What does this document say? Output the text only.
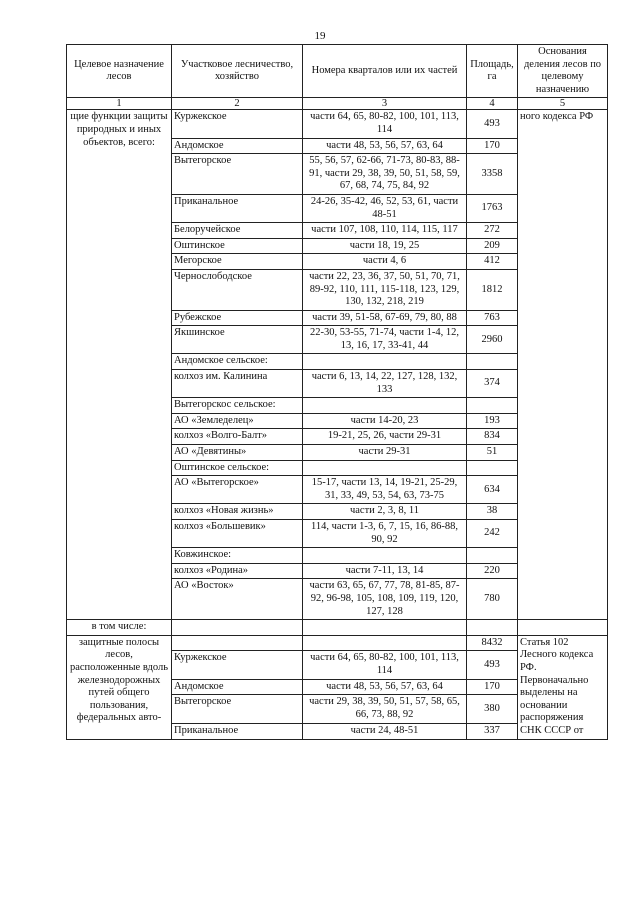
19
Целевое назначение лесов	Участковое лесничество, хозяйство	Номера кварталов или их частей	Площадь, га	Основания деления лесов по целевому назначению
1	2	3	4	5
щие функции защиты природных и иных объектов, всего:	Куржекское	части 64, 65, 80-82, 100, 101, 113, 114	493	ного кодекса РФ
	Андомское	части 48, 53, 56, 57, 63, 64	170	
	Вытегорское	55, 56, 57, 62-66, 71-73, 80-83, 88-91, части 29, 38, 39, 50, 51, 58, 59, 67, 68, 74, 75, 84, 92	3358	
	Приканальное	24-26, 35-42, 46, 52, 53, 61, части 48-51	1763	
	Белоручейское	части 107, 108, 110, 114, 115, 117	272	
	Оштинское	части 18, 19, 25	209	
	Мегорское	части 4, 6	412	
	Чернослободское	части 22, 23, 36, 37, 50, 51, 70, 71, 89-92, 110, 111, 115-118, 123, 129, 130, 132, 218, 219	1812	
	Рубежское	части 39, 51-58, 67-69, 79, 80, 88	763	
	Якшинское	22-30, 53-55, 71-74, части 1-4, 12, 13, 16, 17, 33-41, 44	2960	
	Андомское сельское:			
	колхоз им. Калинина	части 6, 13, 14, 22, 127, 128, 132, 133	374	
	Вытегорскос сельское:			
	АО «Земледелец»	части 14-20, 23	193	
	колхоз «Волго-Балт»	19-21, 25, 26, части 29-31	834	
	АО «Девятины»	части 29-31	51	
	Оштинское сельское:			
	АО «Вытегорское»	15-17, части 13, 14, 19-21, 25-29, 31, 33, 49, 53, 54, 63, 73-75	634	
	колхоз «Новая жизнь»	части 2, 3, 8, 11	38	
	колхоз «Большевик»	114, части 1-3, 6, 7, 15, 16, 86-88, 90, 92	242	
	Ковжинское:			
	колхоз «Родина»	части 7-11, 13, 14	220	
	АО «Восток»	части 63, 65, 67, 77, 78, 81-85, 87-92, 96-98, 105, 108, 109, 119, 120, 127, 128	780	
в том числе:				
защитные полосы лесов, расположенные вдоль железнодорожных путей общего пользования, федеральных авто-			8432	Статья 102 Лесного кодекса РФ. Первоначально выделены на основании распоряжения СНК СССР от
	Куржекское	части 64, 65, 80-82, 100, 101, 113, 114	493	
	Андомское	части 48, 53, 56, 57, 63, 64	170	
	Вытегорское	части 29, 38, 39, 50, 51, 57, 58, 65, 66, 73, 88, 92	380	
	Приканальное	части 24, 48-51	337	
